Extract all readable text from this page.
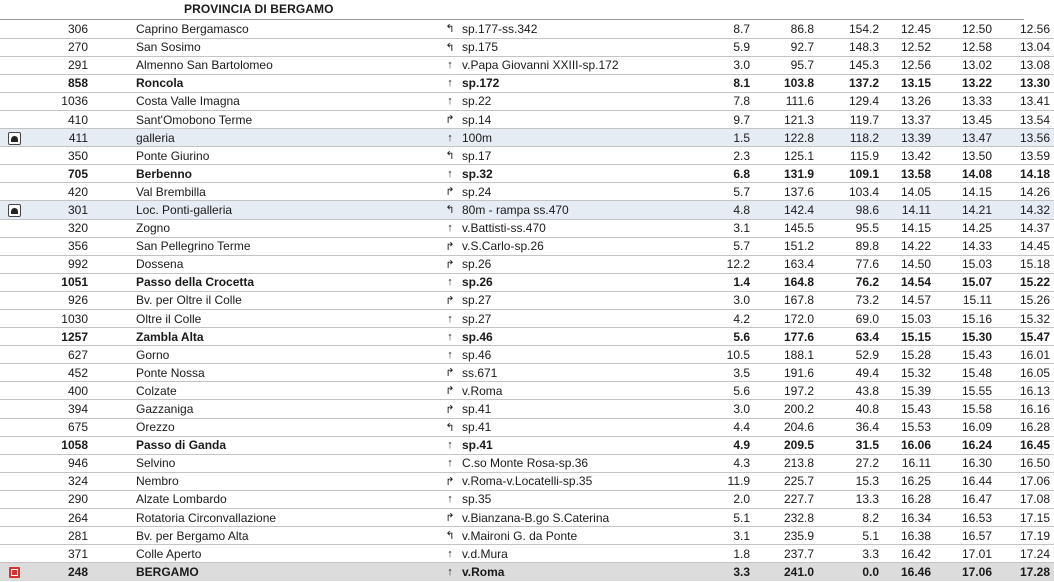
PROVINCIA DI BERGAMO
	306	Caprino Bergamasco	↰	sp.177-ss.342	8.7	86.8	154.2	12.45	12.50	12.56
	270	San Sosimo	↰	sp.175	5.9	92.7	148.3	12.52	12.58	13.04
	291	Almenno San Bartolomeo	↑	v.Papa Giovanni XXIII-sp.172	3.0	95.7	145.3	12.56	13.02	13.08
	858	Roncola	↑	sp.172	8.1	103.8	137.2	13.15	13.22	13.30
	1036	Costa Valle Imagna	↑	sp.22	7.8	111.6	129.4	13.26	13.33	13.41
	410	Sant'Omobono Terme	↱	sp.14	9.7	121.3	119.7	13.37	13.45	13.54
	411	galleria	↑	100m	1.5	122.8	118.2	13.39	13.47	13.56
	350	Ponte Giurino	↰	sp.17	2.3	125.1	115.9	13.42	13.50	13.59
	705	Berbenno	↑	sp.32	6.8	131.9	109.1	13.58	14.08	14.18
	420	Val Brembilla	↱	sp.24	5.7	137.6	103.4	14.05	14.15	14.26
	301	Loc. Ponti-galleria	↰	80m - rampa ss.470	4.8	142.4	98.6	14.11	14.21	14.32
	320	Zogno	↑	v.Battisti-ss.470	3.1	145.5	95.5	14.15	14.25	14.37
	356	San Pellegrino Terme	↱	v.S.Carlo-sp.26	5.7	151.2	89.8	14.22	14.33	14.45
	992	Dossena	↱	sp.26	12.2	163.4	77.6	14.50	15.03	15.18
	1051	Passo della Crocetta	↑	sp.26	1.4	164.8	76.2	14.54	15.07	15.22
	926	Bv. per Oltre il Colle	↱	sp.27	3.0	167.8	73.2	14.57	15.11	15.26
	1030	Oltre il Colle	↑	sp.27	4.2	172.0	69.0	15.03	15.16	15.32
	1257	Zambla Alta	↑	sp.46	5.6	177.6	63.4	15.15	15.30	15.47
	627	Gorno	↑	sp.46	10.5	188.1	52.9	15.28	15.43	16.01
	452	Ponte Nossa	↱	ss.671	3.5	191.6	49.4	15.32	15.48	16.05
	400	Colzate	↱	v.Roma	5.6	197.2	43.8	15.39	15.55	16.13
	394	Gazzaniga	↱	sp.41	3.0	200.2	40.8	15.43	15.58	16.16
	675	Orezzo	↰	sp.41	4.4	204.6	36.4	15.53	16.09	16.28
	1058	Passo di Ganda	↑	sp.41	4.9	209.5	31.5	16.06	16.24	16.45
	946	Selvino	↑	C.so Monte Rosa-sp.36	4.3	213.8	27.2	16.11	16.30	16.50
	324	Nembro	↱	v.Roma-v.Locatelli-sp.35	11.9	225.7	15.3	16.25	16.44	17.06
	290	Alzate Lombardo	↑	sp.35	2.0	227.7	13.3	16.28	16.47	17.08
	264	Rotatoria Circonvallazione	↱	v.Bianzana-B.go S.Caterina	5.1	232.8	8.2	16.34	16.53	17.15
	281	Bv. per Bergamo Alta	↰	v.Maironi G. da Ponte	3.1	235.9	5.1	16.38	16.57	17.19
	371	Colle Aperto	↑	v.d.Mura	1.8	237.7	3.3	16.42	17.01	17.24
	248	BERGAMO	↑	v.Roma	3.3	241.0	0.0	16.46	17.06	17.28
